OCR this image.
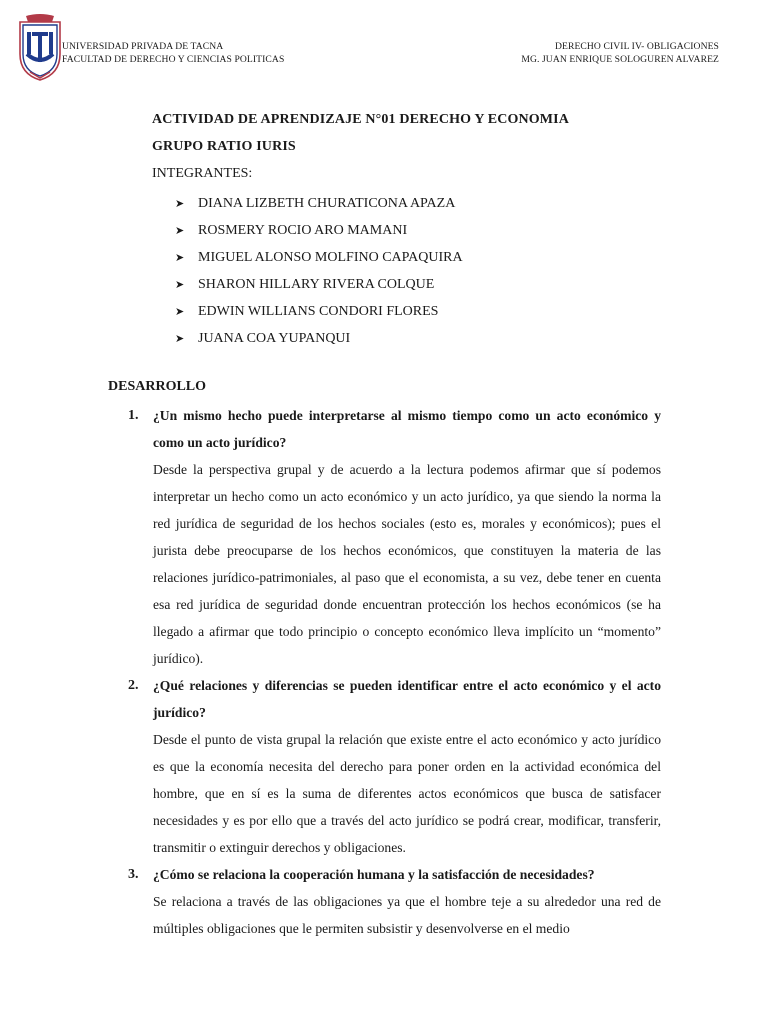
UNIVERSIDAD PRIVADA DE TACNA
FACULTAD DE DERECHO Y CIENCIAS POLITICAS
DERECHO CIVIL IV- OBLIGACIONES
MG. JUAN ENRIQUE SOLOGUREN ALVAREZ
ACTIVIDAD DE APRENDIZAJE N°01 DERECHO Y ECONOMIA
GRUPO RATIO IURIS
INTEGRANTES:
➤ DIANA LIZBETH CHURATICONA APAZA
➤ ROSMERY ROCIO ARO MAMANI
➤ MIGUEL ALONSO MOLFINO CAPAQUIRA
➤ SHARON HILLARY RIVERA COLQUE
➤ EDWIN WILLIANS CONDORI FLORES
➤ JUANA COA YUPANQUI
DESARROLLO
1.	¿Un mismo hecho puede interpretarse al mismo tiempo como un acto económico y como un acto jurídico?
Desde la perspectiva grupal y de acuerdo a la lectura podemos afirmar que sí podemos interpretar un hecho como un acto económico y un acto jurídico, ya que siendo la norma la red jurídica de seguridad de los hechos sociales (esto es, morales y económicos); pues el jurista debe preocuparse de los hechos económicos, que constituyen la materia de las relaciones jurídico-patrimoniales, al paso que el economista, a su vez, debe tener en cuenta esa red jurídica de seguridad donde encuentran protección los hechos económicos (se ha llegado a afirmar que todo principio o concepto económico lleva implícito un “momento” jurídico).
2.	¿Qué relaciones y diferencias se pueden identificar entre el acto económico y el acto jurídico?
Desde el punto de vista grupal la relación que existe entre el acto económico y acto jurídico es que la economía necesita del derecho para poner orden en la actividad económica del hombre, que en sí es la suma de diferentes actos económicos que busca de satisfacer necesidades y es por ello que a través del acto jurídico se podrá crear, modificar, transferir, transmitir o extinguir derechos y obligaciones.
3.	¿Cómo se relaciona la cooperación humana y la satisfacción de necesidades?
Se relaciona a través de las obligaciones ya que el hombre teje a su alrededor una red de múltiples obligaciones que le permiten subsistir y desenvolverse en el medio
